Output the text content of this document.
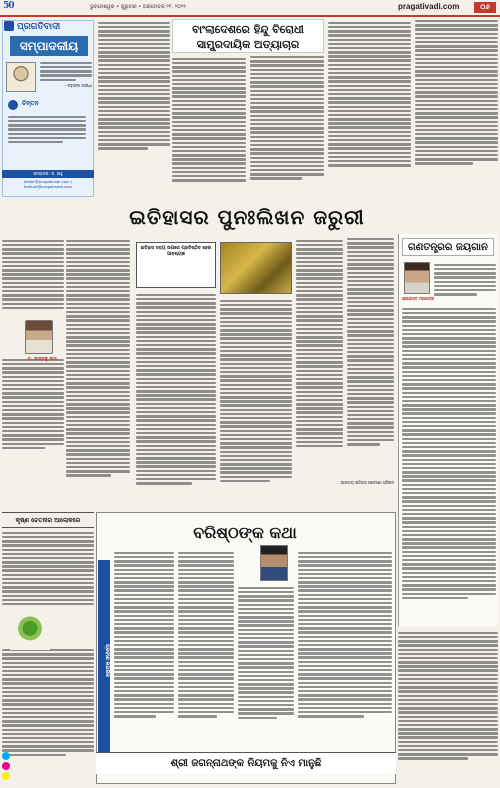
$^{50}$	ଭୁବନେଶ୍ୱର • ଗୁରୁବାର • ଅକ୍ଟୋବର ୨୧, ୨୦୨୧	pragativadi.com	୦୬
ପ୍ରଗତିବାଦୀ
ସମ୍ପାଦକୀୟ
- ମହାତ୍ମା ଗାନ୍ଧୀ
ଚିନ୍ତନ
ସମ୍ପାଦକ: ଡ. ସାହୁ
editor@pragativadi.com / feature@pragativadi.com
ବାଂଲାଦେଶରେ ହିନ୍ଦୁ ବିରୋଧୀ ସାମ୍ପ୍ରଦାୟିକ ଅତ୍ୟାଚାର
ଇତିହାସର ପୁନଃଲିଖନ ଜରୁରୀ
ଡ. ଶାନ୍ତନୁ ଦାସ
ଇତିହାସ ସତ୍ୟ ଉପରେ ପ୍ରତିଷ୍ଠିତ ହେବା ଆବଶ୍ୟକ
ଭାରତୀୟ ଇତିହାସ ଗବେଷଣା ପରିଷଦ
ଗଣତନ୍ତ୍ରର ଜୟଗାନ
ଶ୍ରୀକାନ୍ତ ମହାପାତ୍ର
କୃଷ୍ଣ ଚେତନାର ଆଲୋକରେ
ବରିଷ୍ଠଙ୍କ କଥା
ପ୍ରବୀଣ ନାଗରିକ
ଶ୍ରୀ ଜଗନ୍ନାଥଙ୍କ ନିୟମକୁ ନିଏ ମାନୁଛି
